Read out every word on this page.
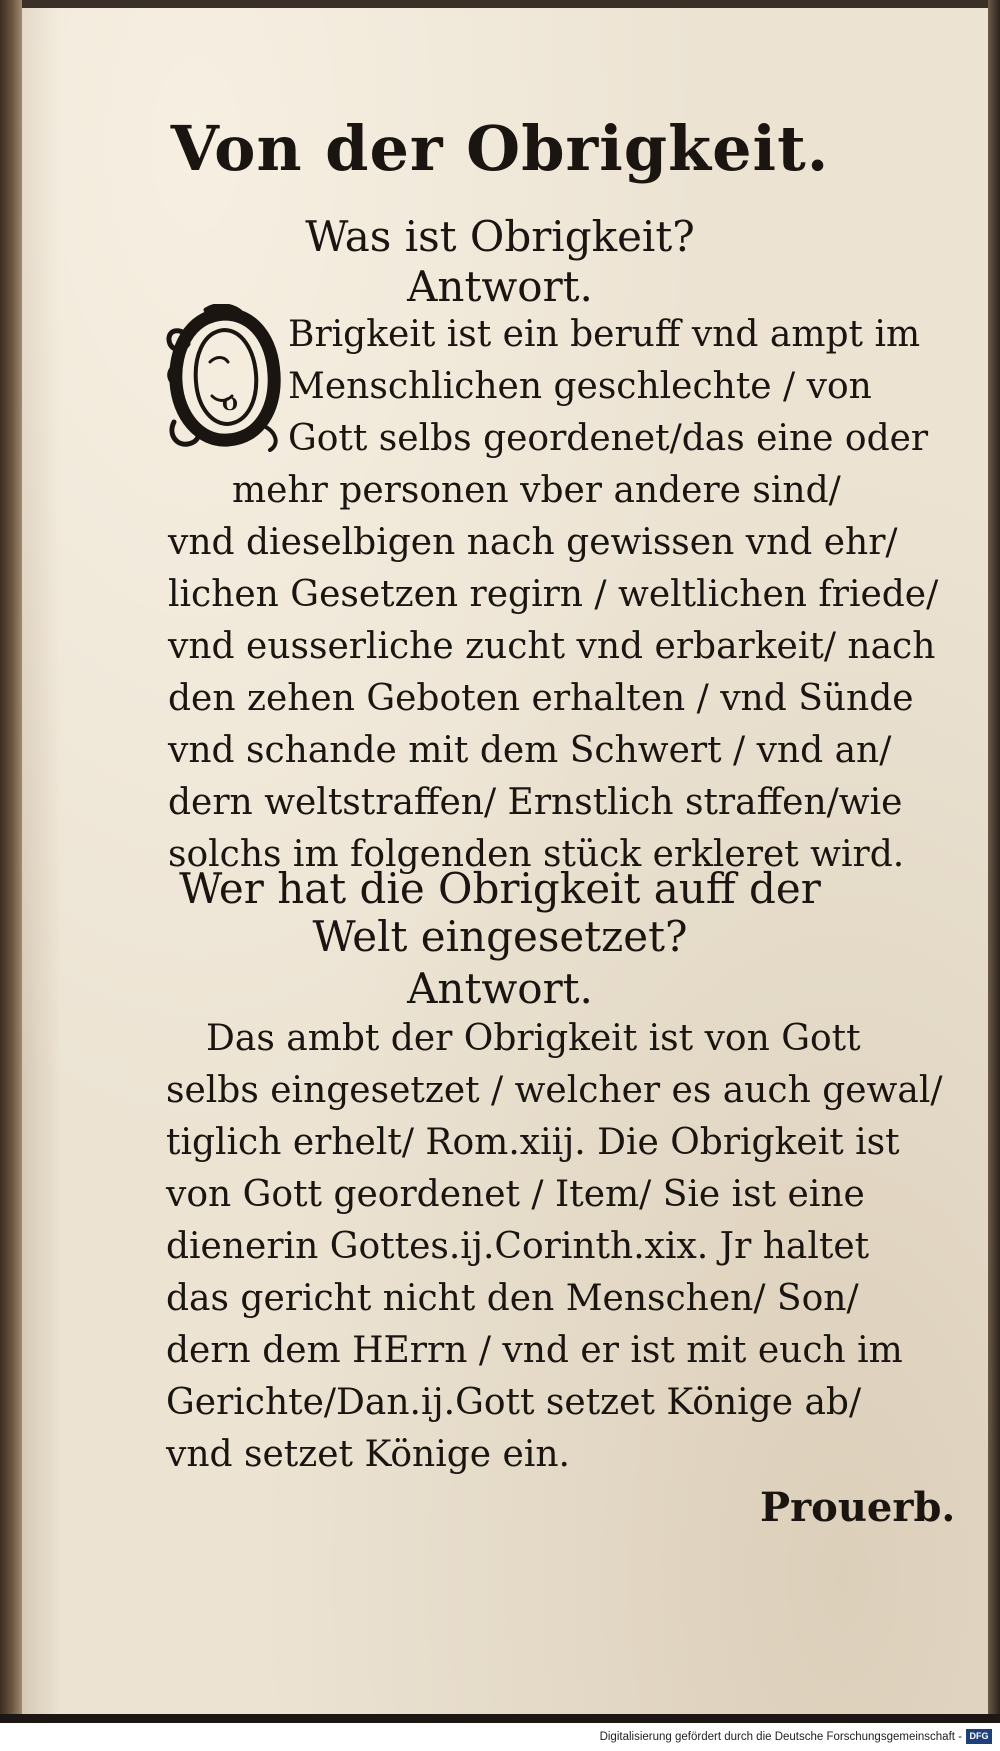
Von der Obrigkeit.
Was ist Obrigkeit?
Antwort.
O
Brigkeit ist ein beruff vnd ampt im
Menschlichen geschlechte / von
Gott selbs geordenet/das eine oder
mehr personen vber andere sind/
vnd dieselbigen nach gewissen vnd ehr/
lichen Gesetzen regirn / weltlichen friede/
vnd eusserliche zucht vnd erbarkeit/ nach
den zehen Geboten erhalten / vnd Sünde
vnd schande mit dem Schwert / vnd an/
dern weltstraffen/ Ernstlich straffen/wie
solchs im folgenden stück erkleret wird.
Wer hat die Obrigkeit auff der
Welt eingesetzet?
Antwort.
Das ambt der Obrigkeit ist von Gott
selbs eingesetzet / welcher es auch gewal/
tiglich erhelt/ Rom.xiij. Die Obrigkeit ist
von Gott geordenet / Item/ Sie ist eine
dienerin Gottes.ij.Corinth.xix. Jr haltet
das gericht nicht den Menschen/ Son/
dern dem HErrn / vnd er ist mit euch im
Gerichte/Dan.ij.Gott setzet Könige ab/
vnd setzet Könige ein.
Prouerb.
Digitalisierung gefördert durch die Deutsche Forschungsgemeinschaft - DFG
